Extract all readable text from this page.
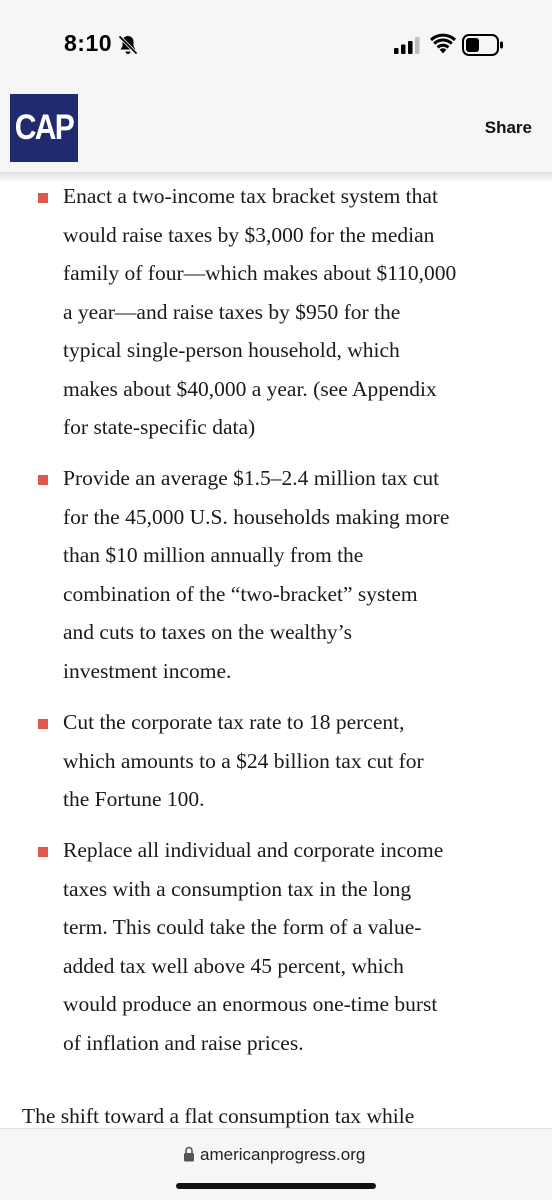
8:10
CAP	Share
Enact a two-income tax bracket system that
would raise taxes by $3,000 for the median
family of four—which makes about $110,000
a year—and raise taxes by $950 for the
typical single-person household, which
makes about $40,000 a year. (see Appendix
for state-specific data)
Provide an average $1.5–2.4 million tax cut
for the 45,000 U.S. households making more
than $10 million annually from the
combination of the “two-bracket” system
and cuts to taxes on the wealthy’s
investment income.
Cut the corporate tax rate to 18 percent,
which amounts to a $24 billion tax cut for
the Fortune 100.
Replace all individual and corporate income
taxes with a consumption tax in the long
term. This could take the form of a value-
added tax well above 45 percent, which
would produce an enormous one-time burst
of inflation and raise prices.

The shift toward a flat consumption tax while

americanprogress.org
